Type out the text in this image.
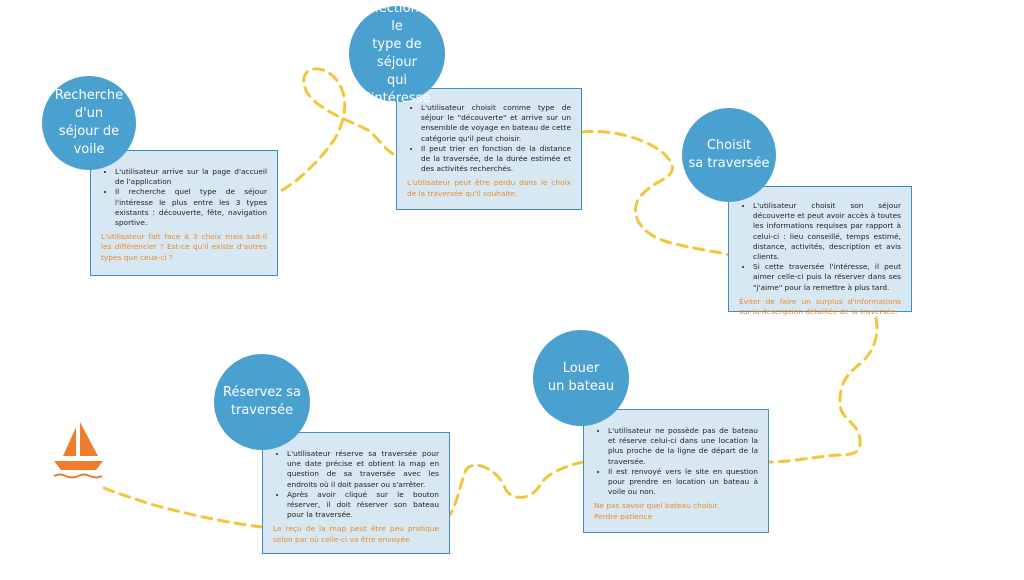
Recherche d'un
séjour de voile
• L'utilisateur arrive sur la page d'accueil de l'application
• Il recherche quel type de séjour l'intéresse le plus entre les 3 types existants : découverte, fête, navigation sportive.

L'utilisateur fait face à 3 choix mais sait-il les différencier ? Est-ce qu'il existe d'autres types que ceux-ci ?

Sélectionne le
type de séjour
qui l'intéresse
• L'utilisateur choisit comme type de séjour le "découverte" et arrive sur un ensemble de voyage en bateau de cette catégorie qu'il peut choisir.
• Il peut trier en fonction de la distance de la traversée, de la durée estimée et des activités recherchés.

L'utilisateur peut être perdu dans le choix de la traversée qu'il souhaite.

Choisit
sa traversée
• L'utilisateur choisit son séjour découverte et peut avoir accès à toutes les informations requises par rapport à celui-ci : lieu conseillé, temps estimé, distance, activités, description et avis clients.
• Si cette traversée l'intéresse, il peut aimer celle-ci puis la réserver dans ses "j'aime" pour la remettre à plus tard.

Éviter de faire un surplus d'informations sur la description détaillée de la traversée.

Louer
un bateau
• L'utilisateur ne possède pas de bateau et réserve celui-ci dans une location la plus proche de la ligne de départ de la traversée.
• Il est renvoyé vers le site en question pour prendre en location un bateau à voile ou non.

Ne pas savoir quel bateau choisir.

Perdre patience

Réservez sa
traversée
• L'utilisateur réserve sa traversée pour une date précise et obtient la map en question de sa traversée avec les endroits où il doit passer ou s'arrêter.
• Après avoir cliqué sur le bouton réserver, il doit réserver son bateau pour la traversée.

Le reçu de la map peut être peu pratique selon par où celle-ci va être envoyée.
